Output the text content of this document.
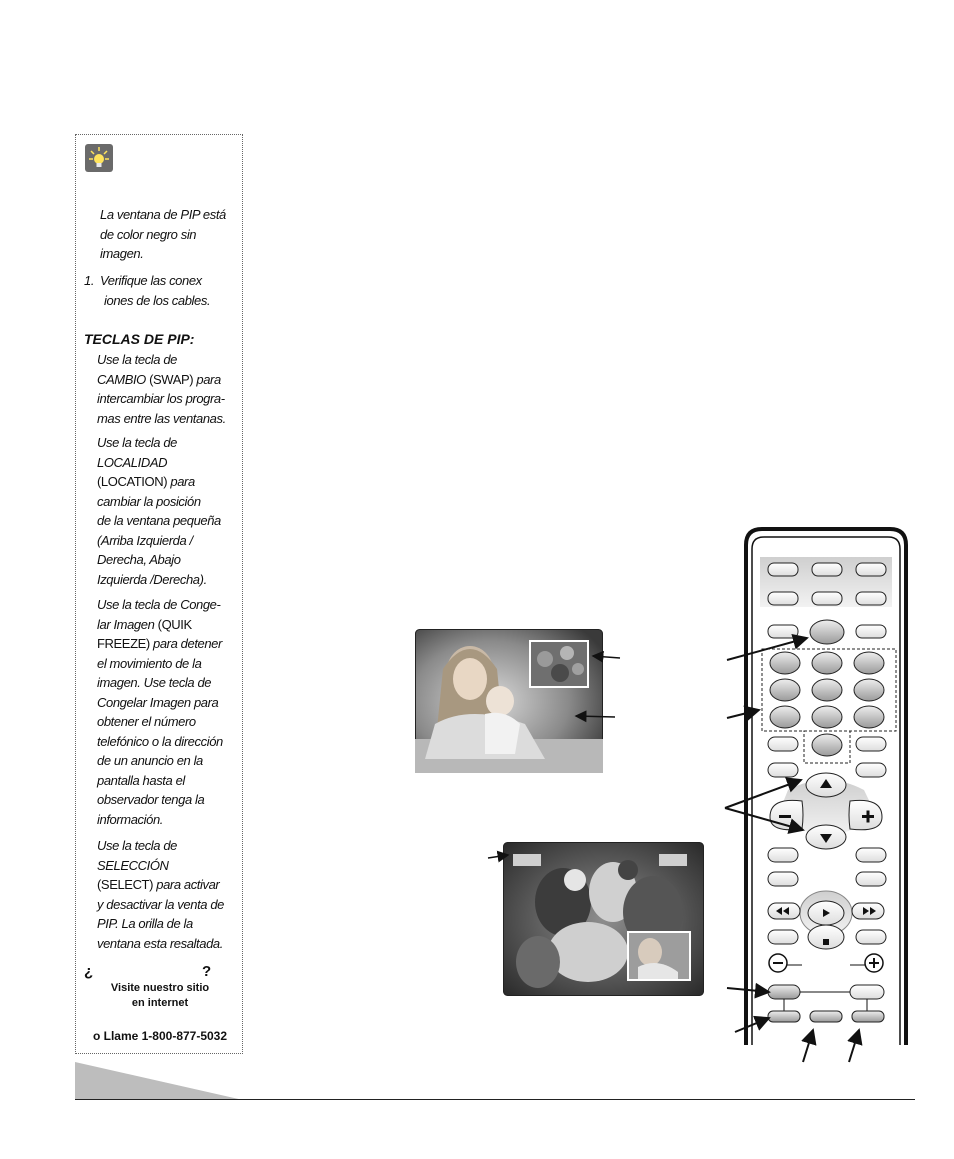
La ventana de PIP está
de color negro sin
imagen.
1. Verifique las conex
iones de los cables.
TECLAS DE PIP:
Use la tecla de
CAMBIO (SWAP) para
intercambiar los progra-
mas entre las ventanas.
Use la tecla de
LOCALIDAD
(LOCATION) para
cambiar la posición
de la ventana pequeña
(Arriba Izquierda /
Derecha, Abajo
Izquierda /Derecha).
Use la tecla de Conge-
lar Imagen (QUIK
FREEZE) para detener
el movimiento de la
imagen. Use tecla de
Congelar Imagen para
obtener el número
telefónico o la dirección
de un anuncio en la
pantalla hasta el
observador tenga la
información.
Use la tecla de
SELECCIÓN
(SELECT) para activar
y desactivar la venta de
PIP. La orilla de la
ventana esta resaltada.
¿	?
Visite nuestro sitio
en internet
o Llame 1-800-877-5032
